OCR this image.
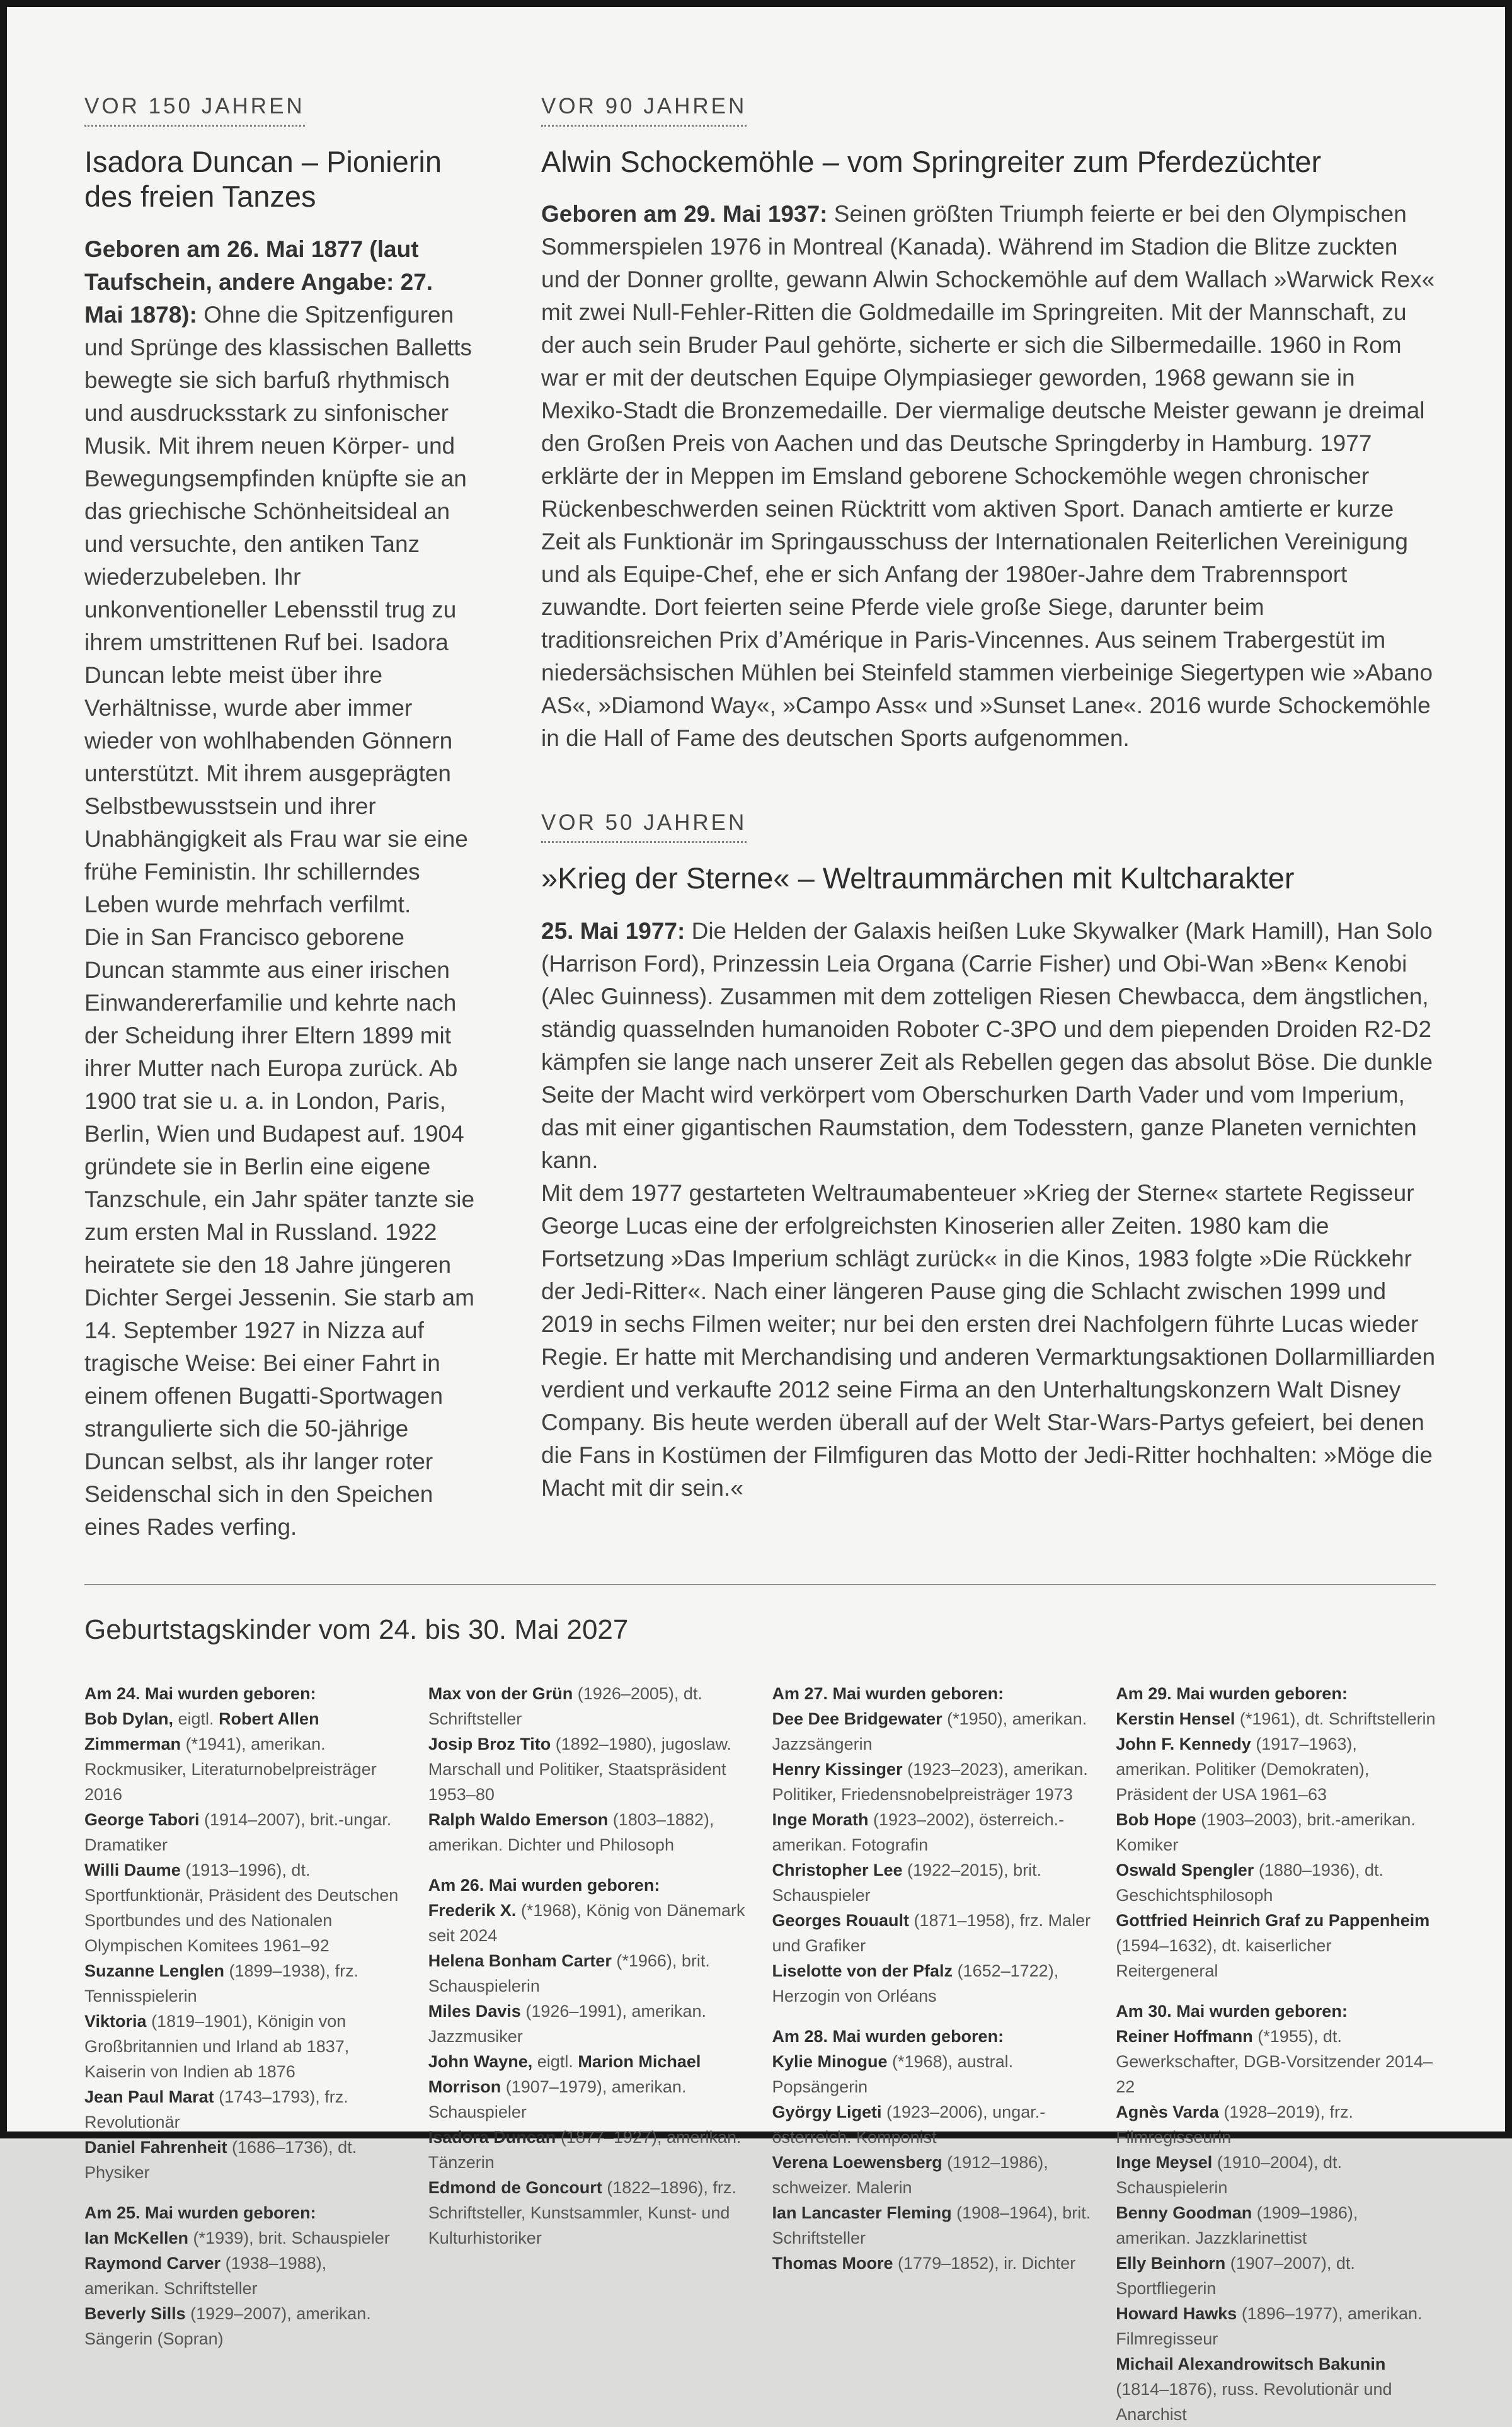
VOR 150 JAHREN
Isadora Duncan – Pionierin des freien Tanzes

Geboren am 26. Mai 1877 (laut Taufschein, andere Angabe: 27. Mai 1878): Ohne die Spitzenfiguren und Sprünge des klassischen Balletts bewegte sie sich barfuß rhythmisch und ausdrucksstark zu sinfonischer Musik. Mit ihrem neuen Körper- und Bewegungsempfinden knüpfte sie an das griechische Schönheitsideal an und versuchte, den antiken Tanz wiederzubeleben. Ihr unkonventioneller Lebensstil trug zu ihrem umstrittenen Ruf bei. Isadora Duncan lebte meist über ihre Verhältnisse, wurde aber immer wieder von wohlhabenden Gönnern unterstützt. Mit ihrem ausgeprägten Selbstbewusstsein und ihrer Unabhängigkeit als Frau war sie eine frühe Feministin. Ihr schillerndes Leben wurde mehrfach verfilmt.

Die in San Francisco geborene Duncan stammte aus einer irischen Einwandererfamilie und kehrte nach der Scheidung ihrer Eltern 1899 mit ihrer Mutter nach Europa zurück. Ab 1900 trat sie u. a. in London, Paris, Berlin, Wien und Budapest auf. 1904 gründete sie in Berlin eine eigene Tanzschule, ein Jahr später tanzte sie zum ersten Mal in Russland. 1922 heiratete sie den 18 Jahre jüngeren Dichter Sergei Jessenin. Sie starb am 14. September 1927 in Nizza auf tragische Weise: Bei einer Fahrt in einem offenen Bugatti-Sportwagen strangulierte sich die 50-jährige Duncan selbst, als ihr langer roter Seidenschal sich in den Speichen eines Rades verfing.

VOR 90 JAHREN
Alwin Schockemöhle – vom Springreiter zum Pferdezüchter

Geboren am 29. Mai 1937: Seinen größten Triumph feierte er bei den Olympischen Sommerspielen 1976 in Montreal (Kanada). Während im Stadion die Blitze zuckten und der Donner grollte, gewann Alwin Schockemöhle auf dem Wallach »Warwick Rex« mit zwei Null-Fehler-Ritten die Goldmedaille im Springreiten. Mit der Mannschaft, zu der auch sein Bruder Paul gehörte, sicherte er sich die Silbermedaille. 1960 in Rom war er mit der deutschen Equipe Olympiasieger geworden, 1968 gewann sie in Mexiko-Stadt die Bronzemedaille. Der viermalige deutsche Meister gewann je dreimal den Großen Preis von Aachen und das Deutsche Springderby in Hamburg. 1977 erklärte der in Meppen im Emsland geborene Schockemöhle wegen chronischer Rückenbeschwerden seinen Rücktritt vom aktiven Sport. Danach amtierte er kurze Zeit als Funktionär im Springausschuss der Internationalen Reiterlichen Vereinigung und als Equipe-Chef, ehe er sich Anfang der 1980er-Jahre dem Trabrennsport zuwandte. Dort feierten seine Pferde viele große Siege, darunter beim traditionsreichen Prix d’Amérique in Paris-Vincennes. Aus seinem Trabergestüt im niedersächsischen Mühlen bei Steinfeld stammen vierbeinige Siegertypen wie »Abano AS«, »Diamond Way«, »Campo Ass« und »Sunset Lane«. 2016 wurde Schockemöhle in die Hall of Fame des deutschen Sports aufgenommen.

VOR 50 JAHREN
»Krieg der Sterne« – Weltraummärchen mit Kultcharakter

25. Mai 1977: Die Helden der Galaxis heißen Luke Skywalker (Mark Hamill), Han Solo (Harrison Ford), Prinzessin Leia Organa (Carrie Fisher) und Obi-Wan »Ben« Kenobi (Alec Guinness). Zusammen mit dem zotteligen Riesen Chewbacca, dem ängstlichen, ständig quasselnden humanoiden Roboter C-3PO und dem piependen Droiden R2-D2 kämpfen sie lange nach unserer Zeit als Rebellen gegen das absolut Böse. Die dunkle Seite der Macht wird verkörpert vom Oberschurken Darth Vader und vom Imperium, das mit einer gigantischen Raumstation, dem Todesstern, ganze Planeten vernichten kann.

Mit dem 1977 gestarteten Weltraumabenteuer »Krieg der Sterne« startete Regisseur George Lucas eine der erfolgreichsten Kinoserien aller Zeiten. 1980 kam die Fortsetzung »Das Imperium schlägt zurück« in die Kinos, 1983 folgte »Die Rückkehr der Jedi-Ritter«. Nach einer längeren Pause ging die Schlacht zwischen 1999 und 2019 in sechs Filmen weiter; nur bei den ersten drei Nachfolgern führte Lucas wieder Regie. Er hatte mit Merchandising und anderen Vermarktungsaktionen Dollarmilliarden verdient und verkaufte 2012 seine Firma an den Unterhaltungskonzern Walt Disney Company. Bis heute werden überall auf der Welt Star-Wars-Partys gefeiert, bei denen die Fans in Kostümen der Filmfiguren das Motto der Jedi-Ritter hochhalten: »Möge die Macht mit dir sein.«

Geburtstagskinder vom 24. bis 30. Mai 2027
Am 24. Mai wurden geboren:
Bob Dylan, eigtl. Robert Allen Zimmerman (*1941), amerikan. Rockmusiker, Literaturnobelpreisträger 2016
George Tabori (1914–2007), brit.-ungar. Dramatiker
Willi Daume (1913–1996), dt. Sportfunktionär, Präsident des Deutschen Sportbundes und des Nationalen Olympischen Komitees 1961–92
Suzanne Lenglen (1899–1938), frz. Tennisspielerin
Viktoria (1819–1901), Königin von Großbritannien und Irland ab 1837, Kaiserin von Indien ab 1876
Jean Paul Marat (1743–1793), frz. Revolutionär
Daniel Fahrenheit (1686–1736), dt. Physiker
Am 25. Mai wurden geboren:
Ian McKellen (*1939), brit. Schauspieler
Raymond Carver (1938–1988), amerikan. Schriftsteller
Beverly Sills (1929–2007), amerikan. Sängerin (Sopran)
Max von der Grün (1926–2005), dt. Schriftsteller
Josip Broz Tito (1892–1980), jugoslaw. Marschall und Politiker, Staatspräsident 1953–80
Ralph Waldo Emerson (1803–1882), amerikan. Dichter und Philosoph
Am 26. Mai wurden geboren:
Frederik X. (*1968), König von Dänemark seit 2024
Helena Bonham Carter (*1966), brit. Schauspielerin
Miles Davis (1926–1991), amerikan. Jazzmusiker
John Wayne, eigtl. Marion Michael Morrison (1907–1979), amerikan. Schauspieler
Isadora Duncan (1877–1927), amerikan. Tänzerin
Edmond de Goncourt (1822–1896), frz. Schriftsteller, Kunstsammler, Kunst- und Kulturhistoriker
Am 27. Mai wurden geboren:
Dee Dee Bridgewater (*1950), amerikan. Jazzsängerin
Henry Kissinger (1923–2023), amerikan. Politiker, Friedensnobelpreisträger 1973
Inge Morath (1923–2002), österreich.-amerikan. Fotografin
Christopher Lee (1922–2015), brit. Schauspieler
Georges Rouault (1871–1958), frz. Maler und Grafiker
Liselotte von der Pfalz (1652–1722), Herzogin von Orléans
Am 28. Mai wurden geboren:
Kylie Minogue (*1968), austral. Popsängerin
György Ligeti (1923–2006), ungar.-österreich. Komponist
Verena Loewensberg (1912–1986), schweizer. Malerin
Ian Lancaster Fleming (1908–1964), brit. Schriftsteller
Thomas Moore (1779–1852), ir. Dichter
Am 29. Mai wurden geboren:
Kerstin Hensel (*1961), dt. Schriftstellerin
John F. Kennedy (1917–1963), amerikan. Politiker (Demokraten), Präsident der USA 1961–63
Bob Hope (1903–2003), brit.-amerikan. Komiker
Oswald Spengler (1880–1936), dt. Geschichtsphilosoph
Gottfried Heinrich Graf zu Pappenheim (1594–1632), dt. kaiserlicher Reitergeneral
Am 30. Mai wurden geboren:
Reiner Hoffmann (*1955), dt. Gewerkschafter, DGB-Vorsitzender 2014–22
Agnès Varda (1928–2019), frz. Filmregisseurin
Inge Meysel (1910–2004), dt. Schauspielerin
Benny Goodman (1909–1986), amerikan. Jazzklarinettist
Elly Beinhorn (1907–2007), dt. Sportfliegerin
Howard Hawks (1896–1977), amerikan. Filmregisseur
Michail Alexandrowitsch Bakunin (1814–1876), russ. Revolutionär und Anarchist
